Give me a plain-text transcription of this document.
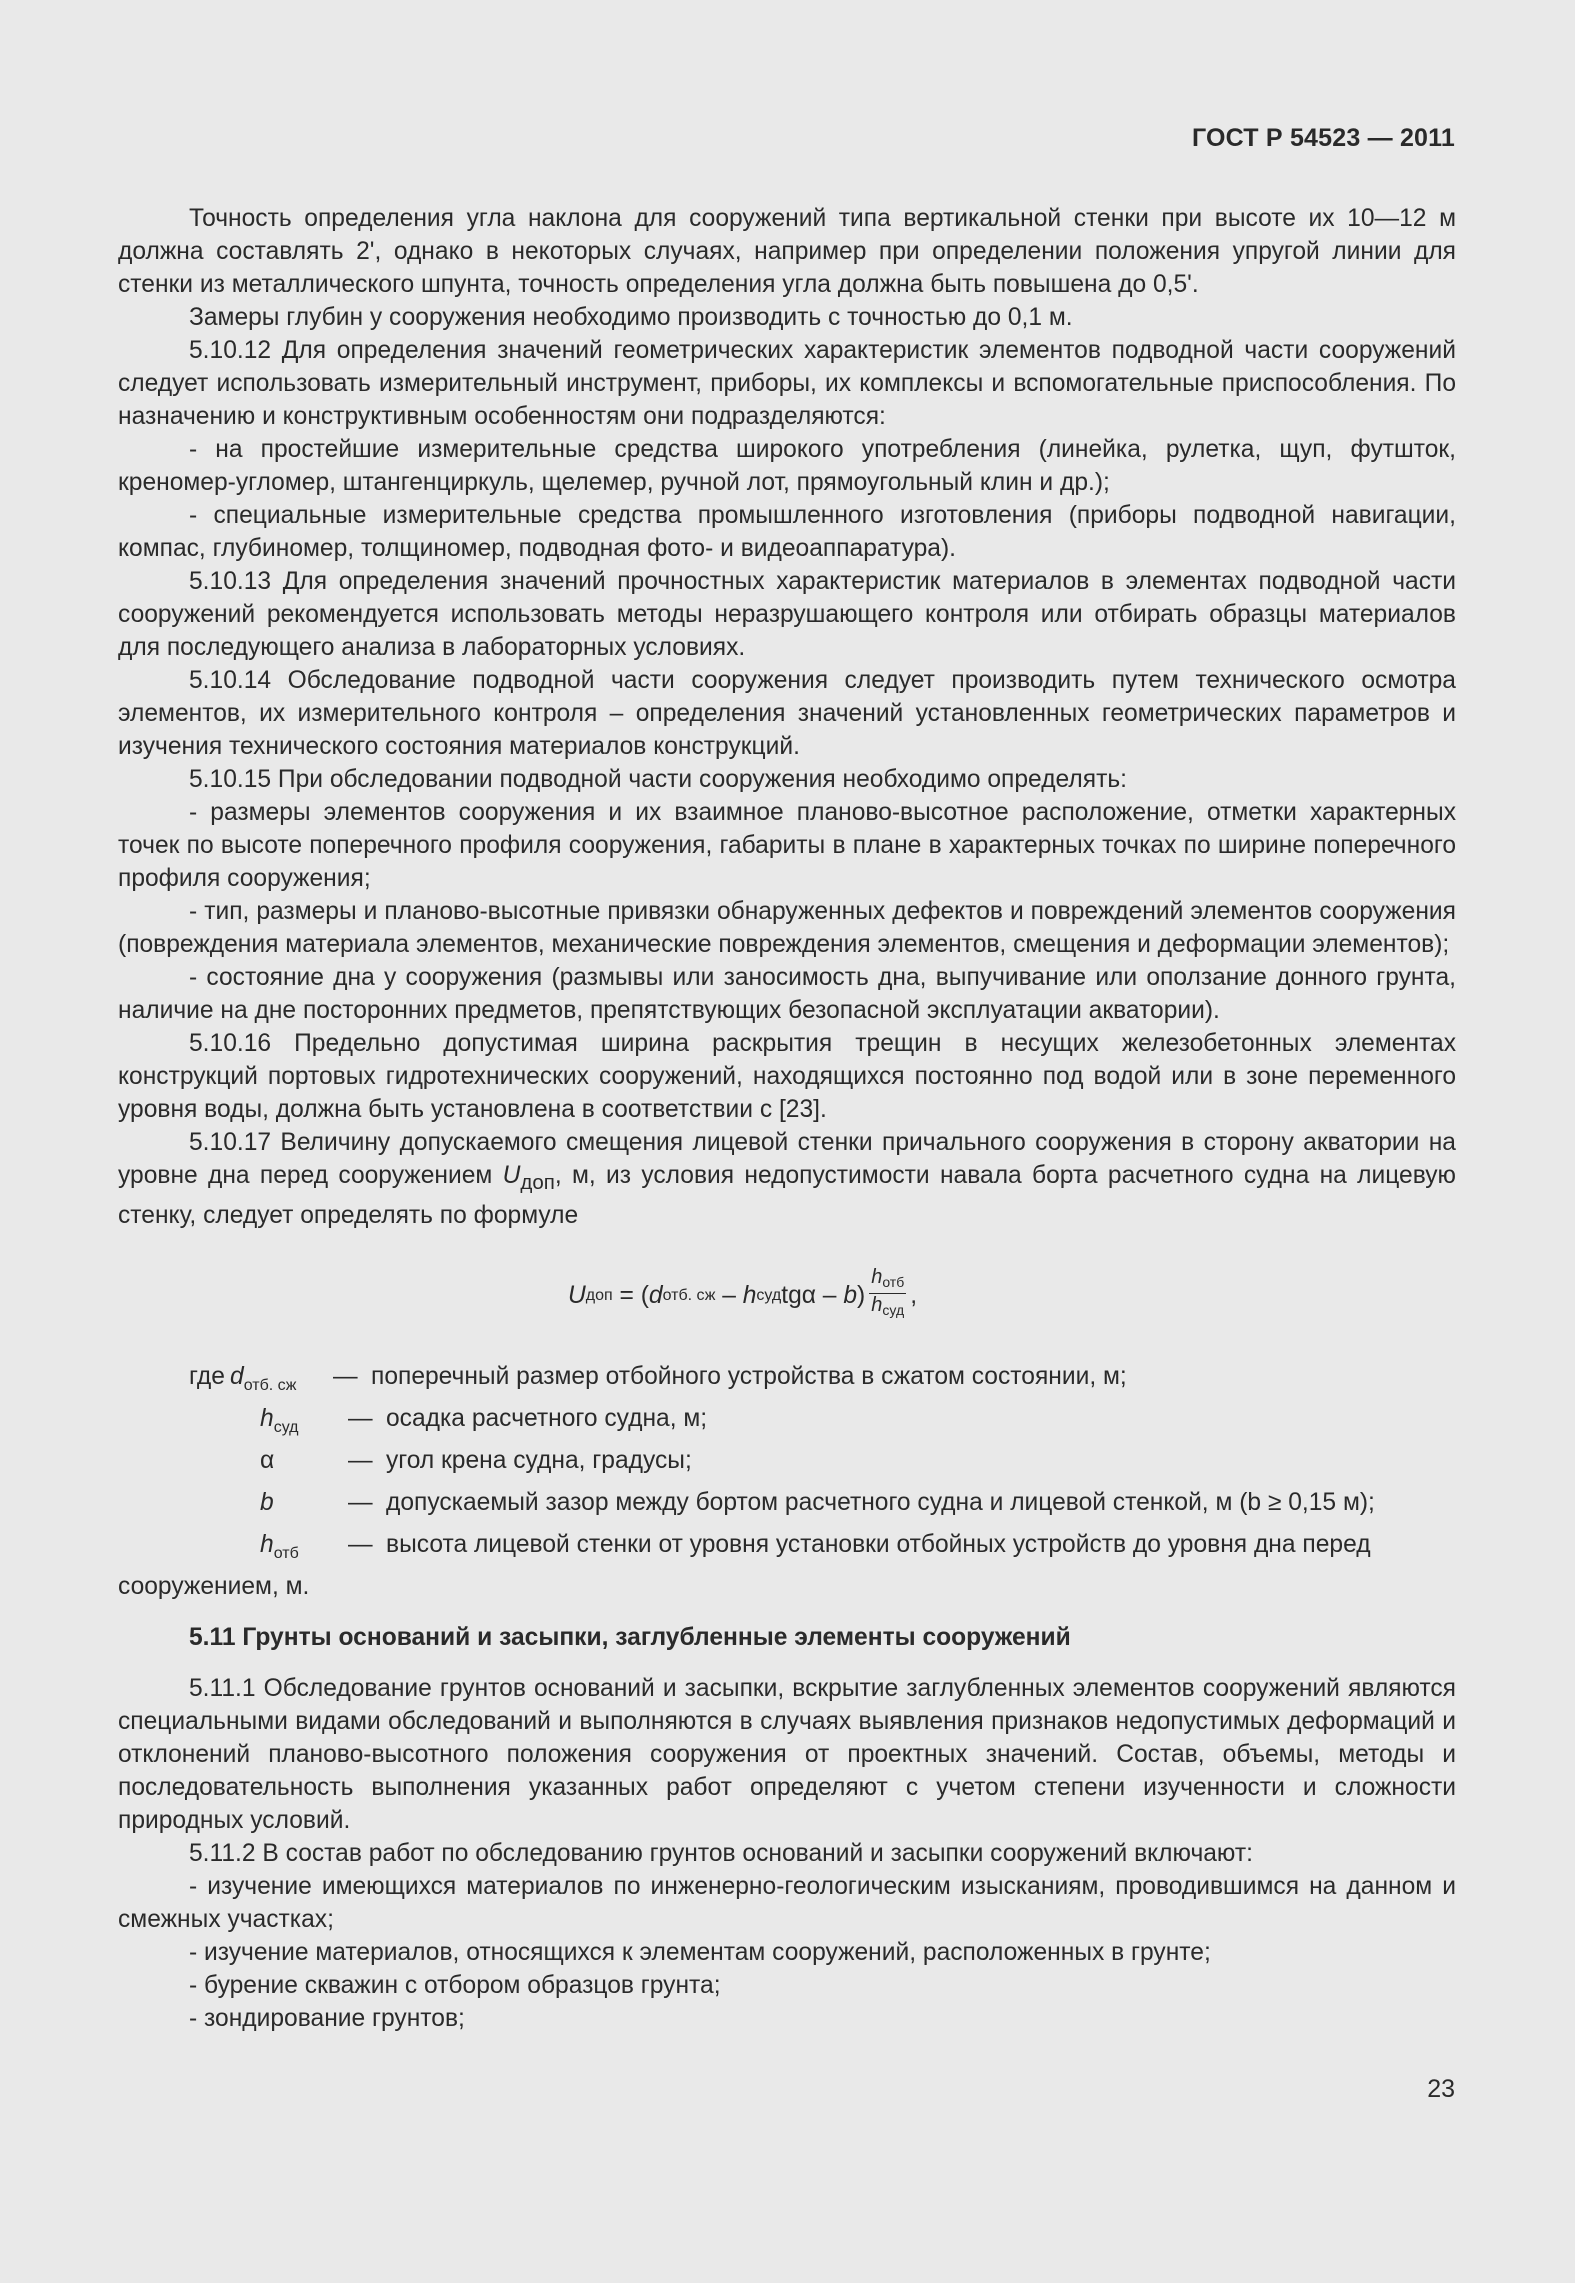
ГОСТ Р 54523 — 2011

Точность определения угла наклона для сооружений типа вертикальной стенки при высоте их 10—12 м должна составлять 2', однако в некоторых случаях, например при определении положения упругой линии для стенки из металлического шпунта, точность определения угла должна быть повышена до 0,5'.

Замеры глубин у сооружения необходимо производить с точностью до 0,1 м.

5.10.12 Для определения значений геометрических характеристик элементов подводной части сооружений следует использовать измерительный инструмент, приборы, их комплексы и вспомогательные приспособления. По назначению и конструктивным особенностям они подразделяются:

- на простейшие измерительные средства широкого употребления (линейка, рулетка, щуп, футшток, креномер-угломер, штангенциркуль, щелемер, ручной лот, прямоугольный клин и др.);

- специальные измерительные средства промышленного изготовления (приборы подводной навигации, компас, глубиномер, толщиномер, подводная фото- и видеоаппаратура).

5.10.13 Для определения значений прочностных характеристик материалов в элементах подводной части сооружений рекомендуется использовать методы неразрушающего контроля или отбирать образцы материалов для последующего анализа в лабораторных условиях.

5.10.14 Обследование подводной части сооружения следует производить путем технического осмотра элементов, их измерительного контроля – определения значений установленных геометрических параметров и изучения технического состояния материалов конструкций.

5.10.15 При обследовании подводной части сооружения необходимо определять:

- размеры элементов сооружения и их взаимное планово-высотное расположение, отметки характерных точек по высоте поперечного профиля сооружения, габариты в плане в характерных точках по ширине поперечного профиля сооружения;

- тип, размеры и планово-высотные привязки обнаруженных дефектов и повреждений элементов сооружения (повреждения материала элементов, механические повреждения элементов, смещения и деформации элементов);

- состояние дна у сооружения (размывы или заносимость дна, выпучивание или оползание донного грунта, наличие на дне посторонних предметов, препятствующих безопасной эксплуатации акватории).

5.10.16 Предельно допустимая ширина раскрытия трещин в несущих железобетонных элементах конструкций портовых гидротехнических сооружений, находящихся постоянно под водой или в зоне переменного уровня воды, должна быть установлена в соответствии с [23].

5.10.17 Величину допускаемого смещения лицевой стенки причального сооружения в сторону акватории на уровне дна перед сооружением $U_{доп}$, м, из условия недопустимости навала борта расчетного судна на лицевую стенку, следует определять по формуле

U доп = ( d отб. сж – h суд tgα – b ) $\frac{h_{отб}}{h_{суд}}$ ,
где $d_{отб. сж}$	— поперечный размер отбойного устройства в сжатом состоянии, м;
$h_{суд}$	— осадка расчетного судна, м;
α	— угол крена судна, градусы;
b	— допускаемый зазор между бортом расчетного судна и лицевой стенкой, м (b ≥ 0,15 м);
$h_{отб}$	— высота лицевой стенки от уровня установки отбойных устройств до уровня дна перед

сооружением, м.

5.11 Грунты оснований и засыпки, заглубленные элементы сооружений

5.11.1 Обследование грунтов оснований и засыпки, вскрытие заглубленных элементов сооружений являются специальными видами обследований и выполняются в случаях выявления признаков недопустимых деформаций и отклонений планово-высотного положения сооружения от проектных значений. Состав, объемы, методы и последовательность выполнения указанных работ определяют с учетом степени изученности и сложности природных условий.

5.11.2 В состав работ по обследованию грунтов оснований и засыпки сооружений включают:

- изучение имеющихся материалов по инженерно-геологическим изысканиям, проводившимся на данном и смежных участках;

- изучение материалов, относящихся к элементам сооружений, расположенных в грунте;

- бурение скважин с отбором образцов грунта;

- зондирование грунтов;

23
